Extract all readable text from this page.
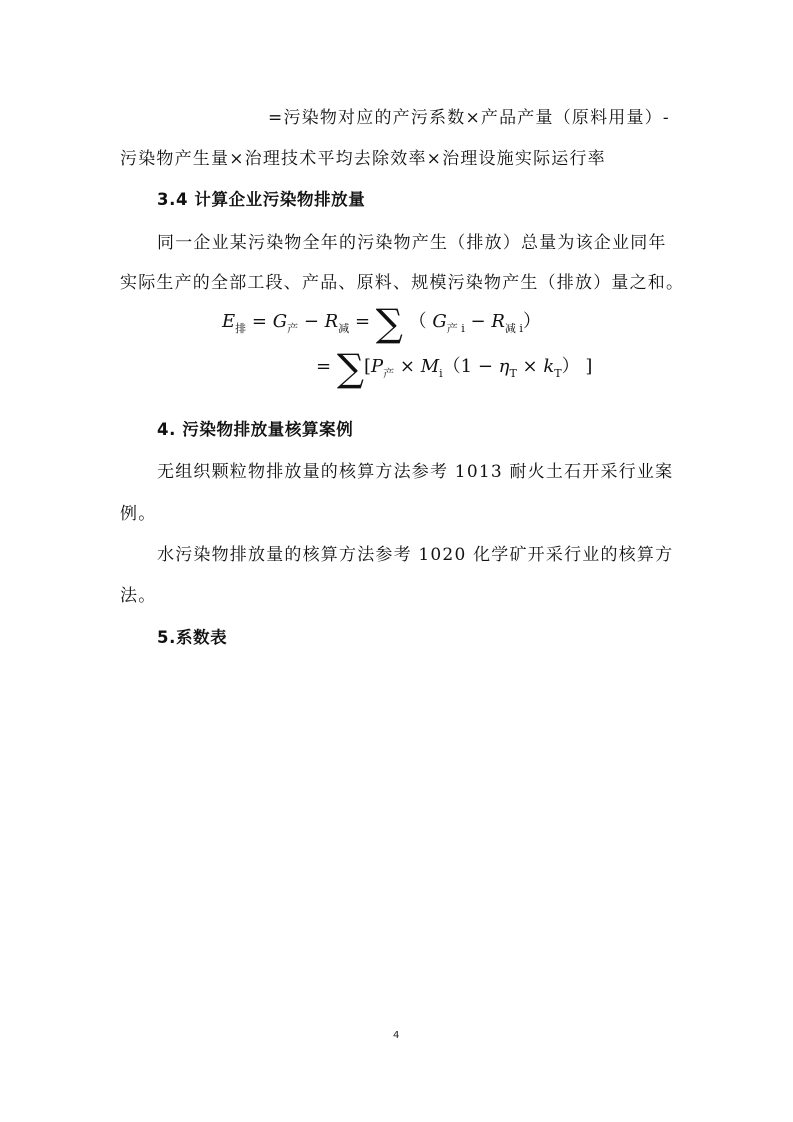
=污染物对应的产污系数×产品产量（原料用量）-
污染物产生量×治理技术平均去除效率×治理设施实际运行率
3.4 计算企业污染物排放量
同一企业某污染物全年的污染物产生（排放）总量为该企业同年
实际生产的全部工段、产品、原料、规模污染物产生（排放）量之和。
$E_排 = G_产 - R_减$ = ∑ （ $G_{产 i} - R_{减 i}$）
= $\sum[P_产 \times M_i(1 - \eta_T \times k_T)$ ]
4. 污染物排放量核算案例
无组织颗粒物排放量的核算方法参考 1013 耐火土石开采行业案
例。
水污染物排放量的核算方法参考 1020 化学矿开采行业的核算方
法。
5.系数表
4
